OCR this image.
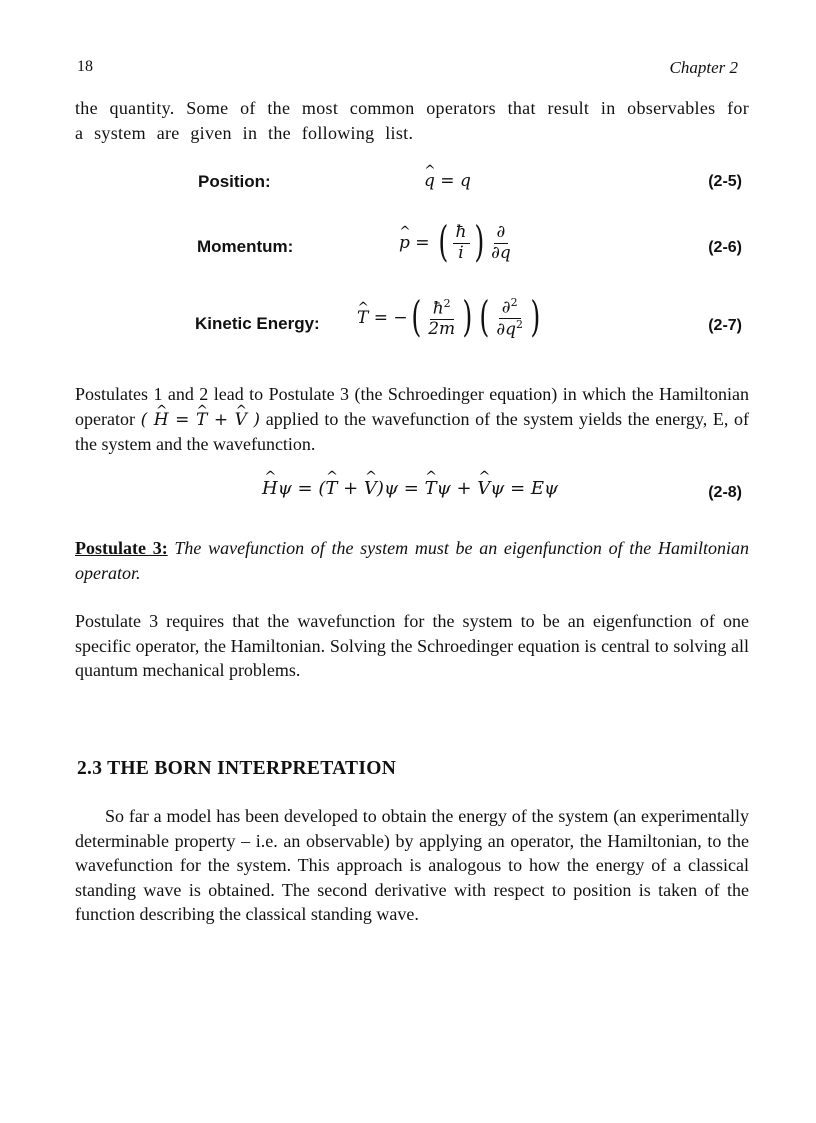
18	Chapter 2
the quantity. Some of the most common operators that result in observables for a system are given in the following list.
Position:	^ q = q	(2-5)
Momentum:	^ p = ( $\frac{ħ}{i}$ ) $\frac{\partial}{\partial q}$	(2-6)
Kinetic Energy: ^ T = −( $\frac{ħ^2}{2m}$ ) ( $\frac{\partial^2}{\partial q^2}$ )	(2-7)
Postulates 1 and 2 lead to Postulate 3 (the Schroedinger equation) in which the Hamiltonian operator ( ^ H = ^ T + ^ V ) applied to the wavefunction of the system yields the energy, E, of the system and the wavefunction.
^ Hψ = (^ T + ^ V)ψ = ^ Tψ + ^ Vψ = Eψ	(2-8)
Postulate 3: The wavefunction of the system must be an eigenfunction of the Hamiltonian operator.
Postulate 3 requires that the wavefunction for the system to be an eigenfunction of one specific operator, the Hamiltonian. Solving the Schroedinger equation is central to solving all quantum mechanical problems.
2.3 THE BORN INTERPRETATION
So far a model has been developed to obtain the energy of the system (an experimentally determinable property – i.e. an observable) by applying an operator, the Hamiltonian, to the wavefunction for the system. This approach is analogous to how the energy of a classical standing wave is obtained. The second derivative with respect to position is taken of the function describing the classical standing wave.
